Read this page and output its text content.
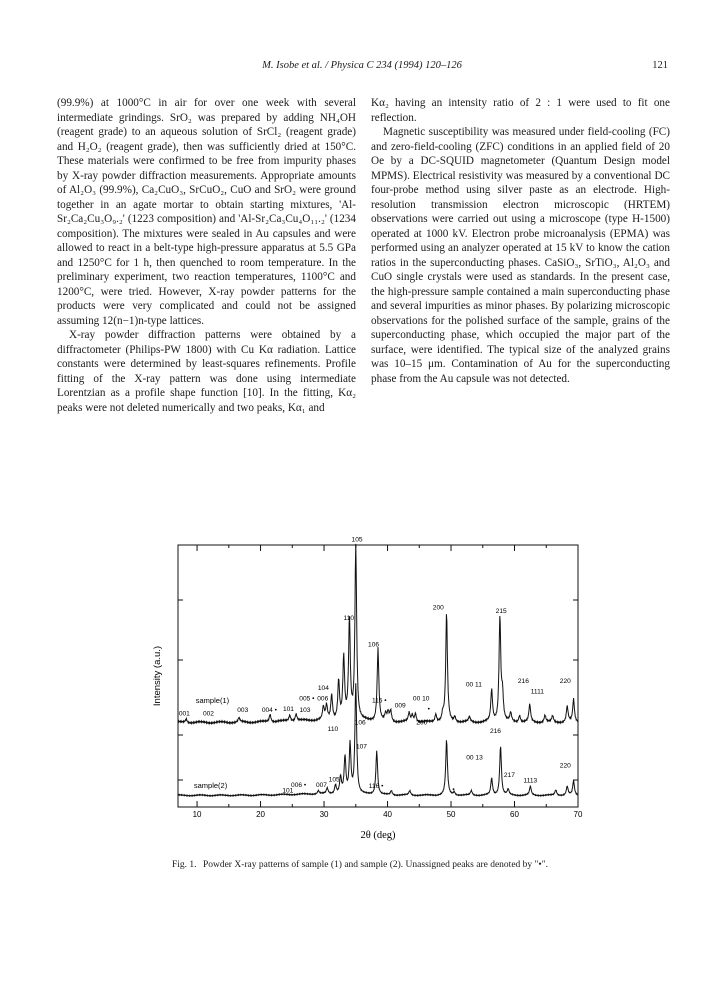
M. Isobe et al. / Physica C 234 (1994) 120–126	121

(99.9%) at 1000°C in air for over one week with several intermediate grindings. SrO₂ was prepared by adding NH₄OH (reagent grade) to an aqueous solution of SrCl₂ (reagent grade) and H₂O₂ (reagent grade), then was sufficiently dried at 150°C. These materials were confirmed to be free from impurity phases by X-ray powder diffraction measurements. Appropriate amounts of Al₂O₃ (99.9%), Ca₂CuO₃, SrCuO₂, CuO and SrO₂ were ground together in an agate mortar to obtain starting mixtures, 'Al-Sr₂Ca₂Cu₃O₉.₂' (1223 composition) and 'Al-Sr₂Ca₃Cu₄O₁₁.₂' (1234 composition). The mixtures were sealed in Au capsules and were allowed to react in a belt-type high-pressure apparatus at 5.5 GPa and 1250°C for 1 h, then quenched to room temperature. In the preliminary experiment, two reaction temperatures, 1100°C and 1200°C, were tried. However, X-ray powder patterns for the products were very complicated and could not be assigned assuming 12(n−1)n-type lattices.

X-ray powder diffraction patterns were obtained by a diffractometer (Philips-PW 1800) with Cu Kα radiation. Lattice constants were determined by least-squares refinements. Profile fitting of the X-ray pattern was done using intermediate Lorentzian as a profile shape function [10]. In the fitting, Kα₂ peaks were not deleted numerically and two peaks, Kα₁ and

Kα₂ having an intensity ratio of 2 : 1 were used to fit one reflection.

Magnetic susceptibility was measured under field-cooling (FC) and zero-field-cooling (ZFC) conditions in an applied field of 20 Oe by a DC-SQUID magnetometer (Quantum Design model MPMS). Electrical resistivity was measured by a conventional DC four-probe method using silver paste as an electrode. High-resolution transmission electron microscopic (HRTEM) observations were carried out using a microscope (type H-1500) operated at 1000 kV. Electron probe microanalysis (EPMA) was performed using an analyzer operated at 15 kV to know the cation ratios in the superconducting phases. CaSiO₃, SrTiO₃, Al₂O₃ and CuO single crystals were used as standards. In the present case, the high-pressure sample contained a main superconducting phase and several impurities as minor phases. By polarizing microscopic observations for the polished surface of the sample, grains of the superconducting phase, which occupied the major part of the surface, were identified. The typical size of the analyzed grains was 10–15 μm. Contamination of Au for the superconducting phase from the Au capsule was not detected.

sample(1)
sample(2)
001 002	003 004 • 101 103
005 • 006
104
110
105
106
115 •
009
00 10
200	215
00 11	216	220
1111
110
106
107
200
116 •
00 13
216
217
1113
220
101
006 • 007
105
•
•
10	20	30	40	50	60	70
Intensity (a.u.)
2θ (deg)
Fig. 1. Powder X-ray patterns of sample (1) and sample (2). Unassigned peaks are denoted by "•".
